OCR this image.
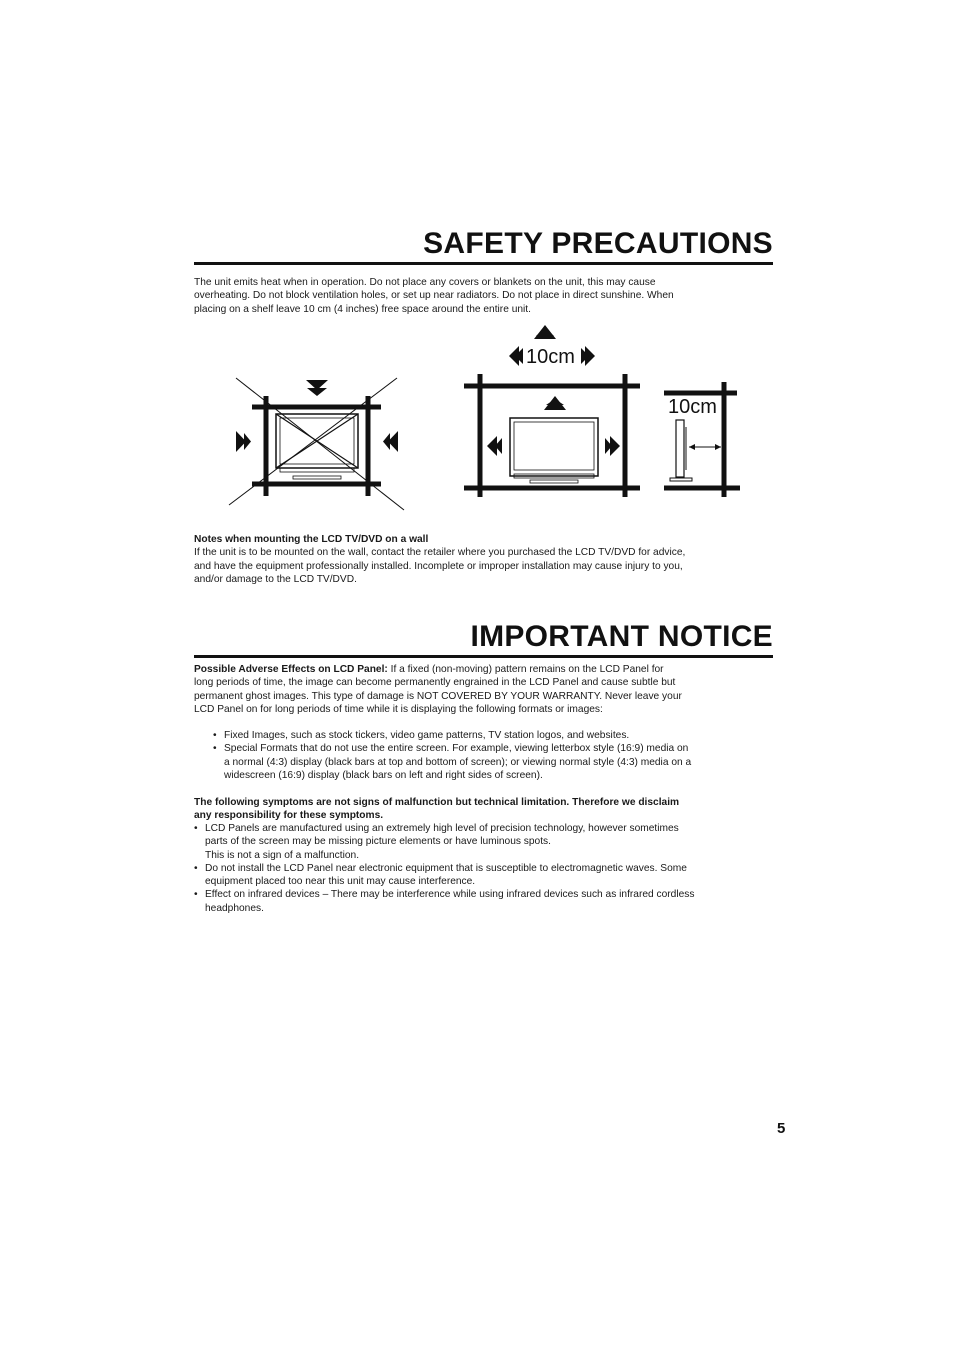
SAFETY PRECAUTIONS
The unit emits heat when in operation. Do not place any covers or blankets on the unit, this may cause
overheating. Do not block ventilation holes, or set up near radiators. Do not place in direct sunshine. When
placing on a shelf leave 10 cm (4 inches) free space around the entire unit.
10cm
10cm
Notes when mounting the LCD TV/DVD on a wall
If the unit is to be mounted on the wall, contact the retailer where you purchased the LCD TV/DVD for advice,
and have the equipment professionally installed. Incomplete or improper installation may cause injury to you,
and/or damage to the LCD TV/DVD.
IMPORTANT NOTICE
Possible Adverse Effects on LCD Panel: If a fixed (non-moving) pattern remains on the LCD Panel for
long periods of time, the image can become permanently engrained in the LCD Panel and cause subtle but
permanent ghost images. This type of damage is NOT COVERED BY YOUR WARRANTY. Never leave your
LCD Panel on for long periods of time while it is displaying the following formats or images:
• Fixed Images, such as stock tickers, video game patterns, TV station logos, and websites.
• Special Formats that do not use the entire screen. For example, viewing letterbox style (16:9) media on
a normal (4:3) display (black bars at top and bottom of screen); or viewing normal style (4:3) media on a
widescreen (16:9) display (black bars on left and right sides of screen).
The following symptoms are not signs of malfunction but technical limitation. Therefore we disclaim
any responsibility for these symptoms.
• LCD Panels are manufactured using an extremely high level of precision technology, however sometimes
parts of the screen may be missing picture elements or have luminous spots.
This is not a sign of a malfunction.
• Do not install the LCD Panel near electronic equipment that is susceptible to electromagnetic waves. Some
equipment placed too near this unit may cause interference.
• Effect on infrared devices – There may be interference while using infrared devices such as infrared cordless
headphones.
5
